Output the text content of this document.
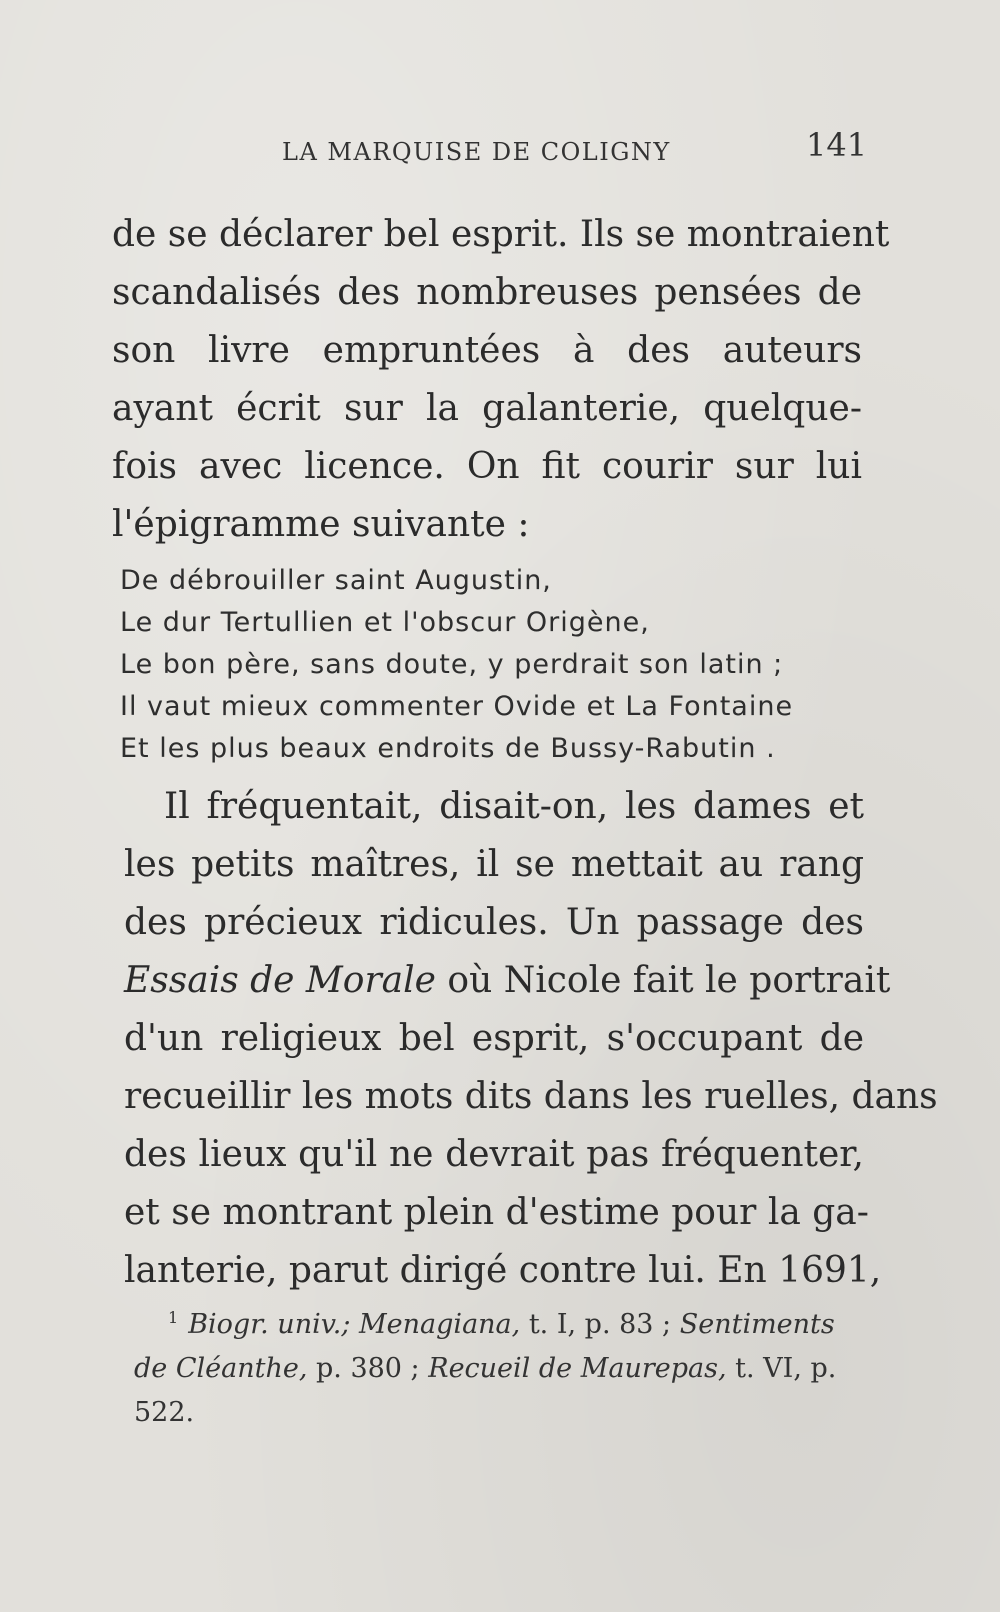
LA MARQUISE DE COLIGNY	141
de se déclarer bel esprit. Ils se montraient
scandalisés des nombreuses pensées de
son livre empruntées à des auteurs
ayant écrit sur la galanterie, quelque-
fois avec licence. On fit courir sur lui
l'épigramme suivante :
De débrouiller saint Augustin,
Le dur Tertullien et l'obscur Origène,
Le bon père, sans doute, y perdrait son latin ;
Il vaut mieux commenter Ovide et La Fontaine
Et les plus beaux endroits de Bussy-Rabutin .
Il fréquentait, disait-on, les dames et
les petits maîtres, il se mettait au rang
des précieux ridicules. Un passage des
Essais de Morale où Nicole fait le portrait
d'un religieux bel esprit, s'occupant de
recueillir les mots dits dans les ruelles, dans
des lieux qu'il ne devrait pas fréquenter,
et se montrant plein d'estime pour la ga-
lanterie, parut dirigé contre lui. En 1691,
$^1$ Biogr. univ.; Menagiana, t. I, p. 83 ; Sentiments
de Cléanthe, p. 380 ; Recueil de Maurepas, t. VI, p.
522.
